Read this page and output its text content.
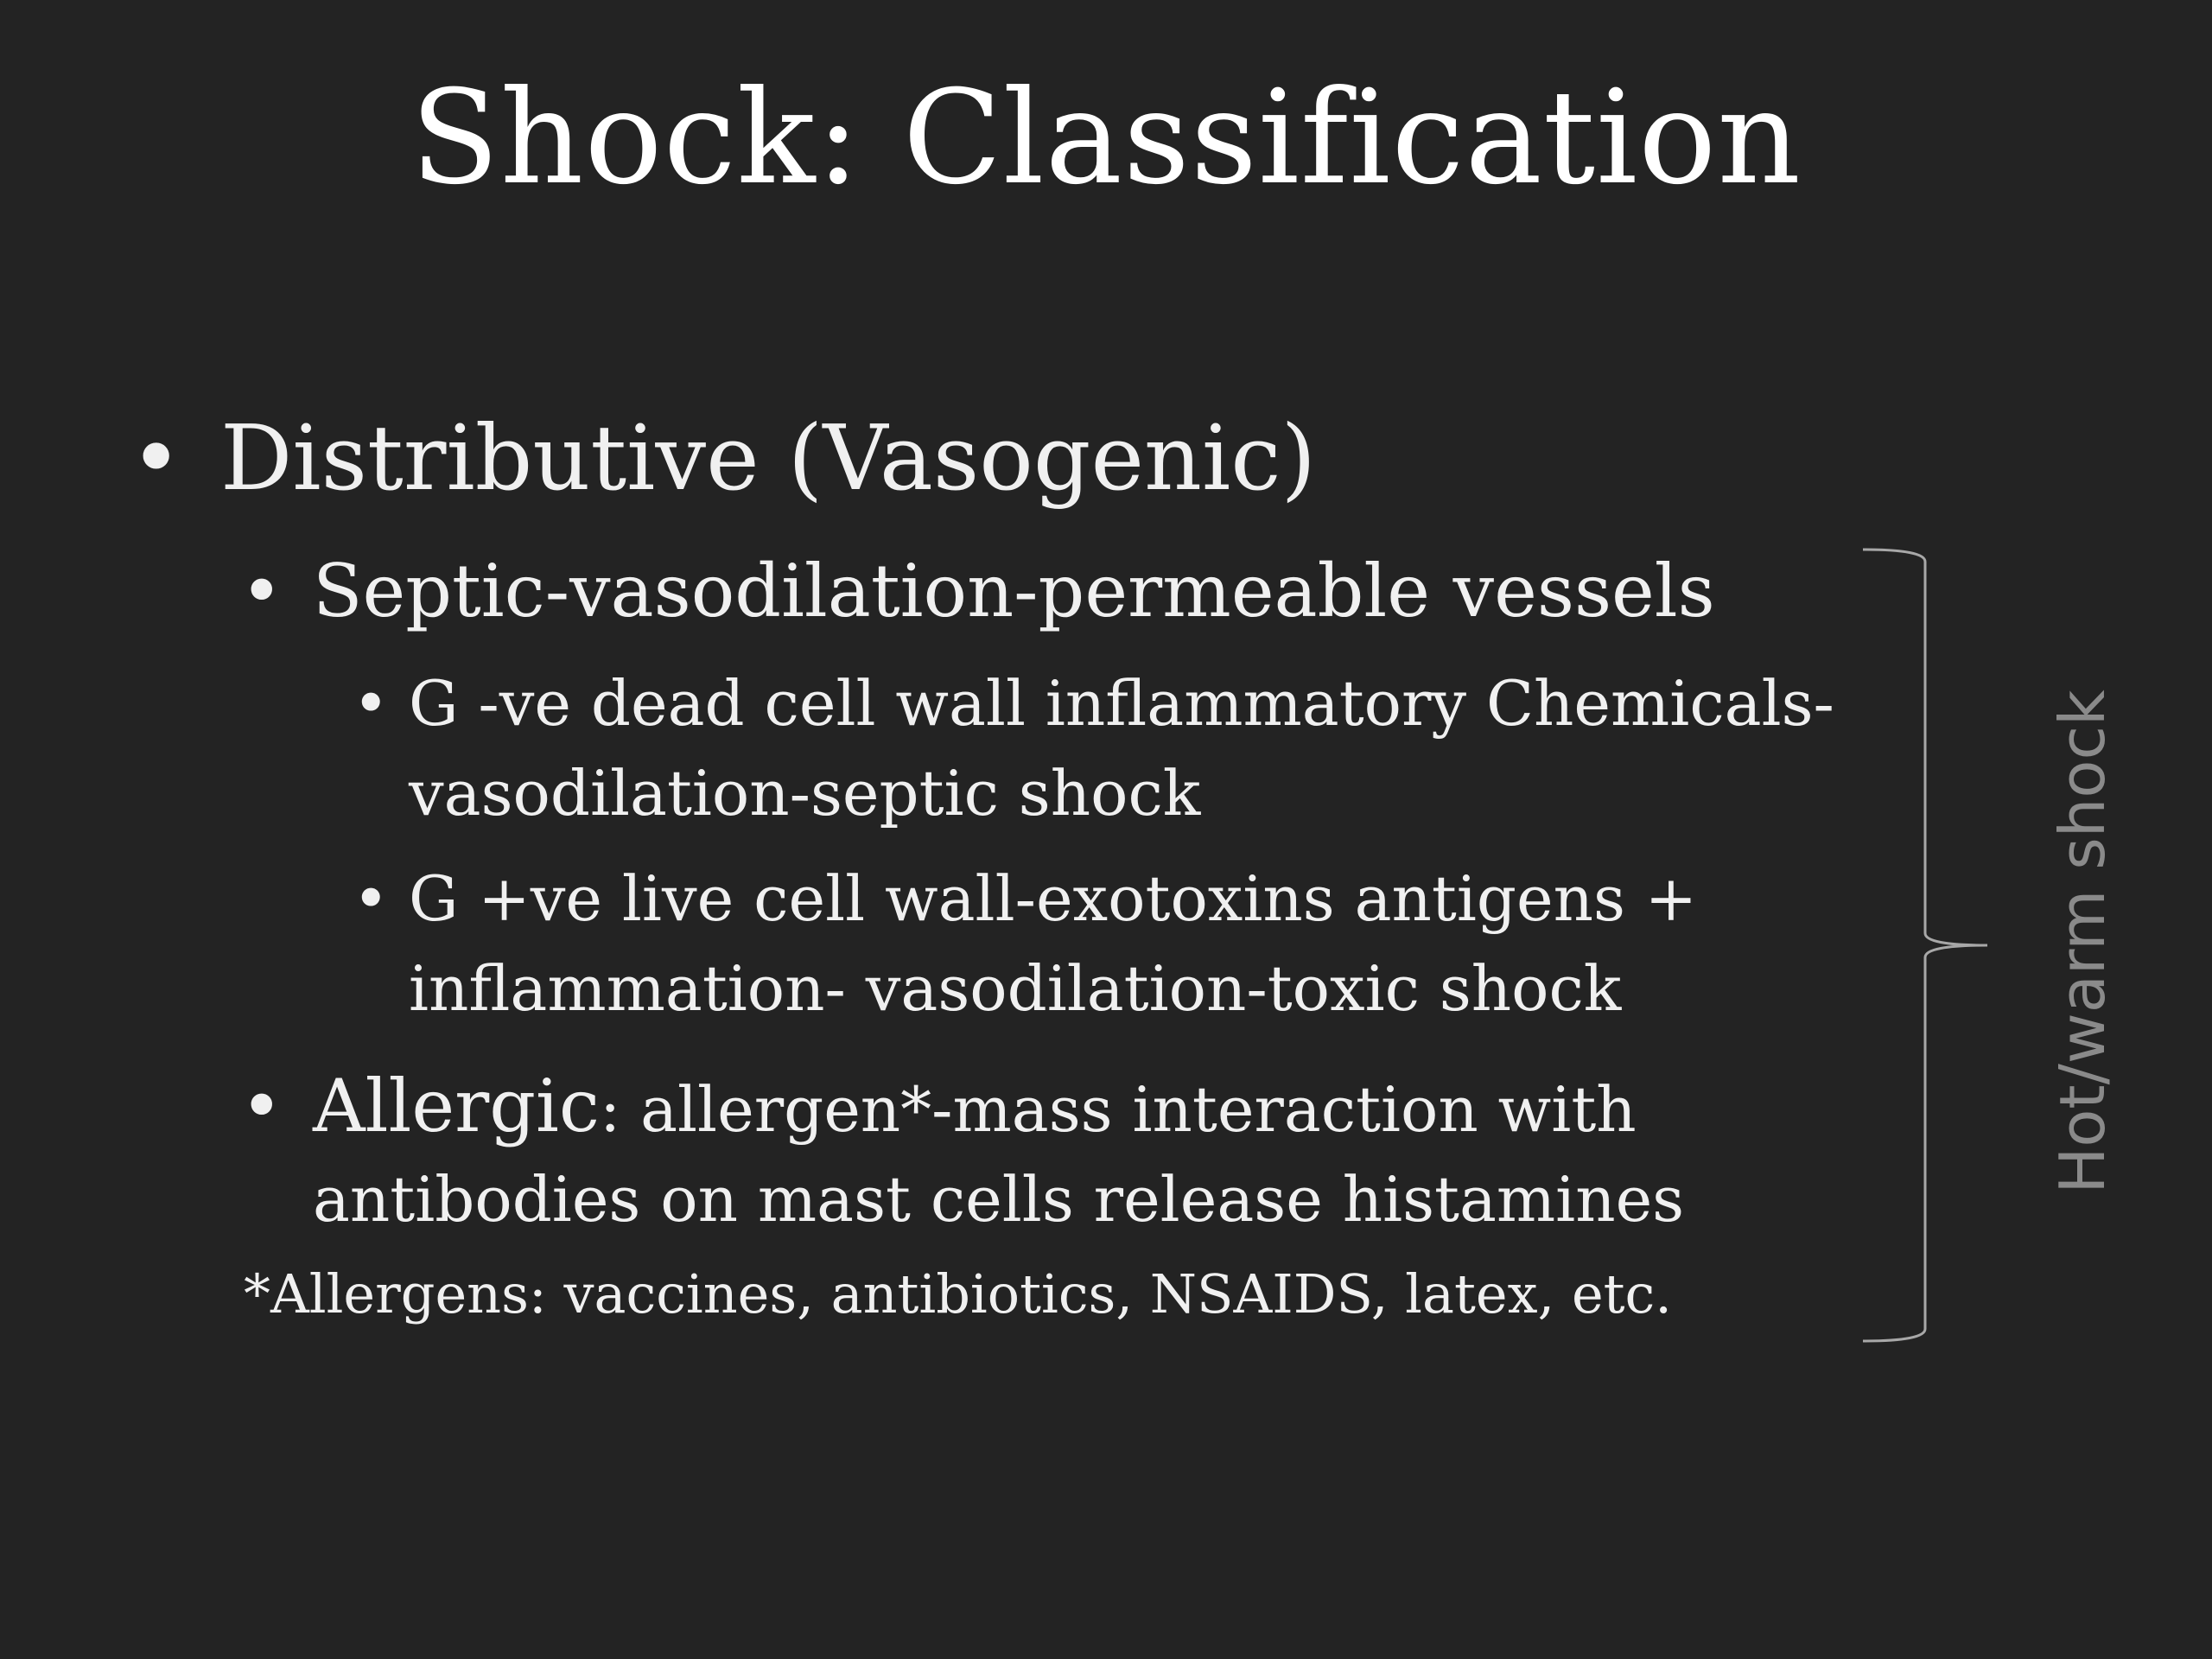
Shock: Classification
• Distributive (Vasogenic)
• Septic-vasodilation-permeable vessels
• G -ve dead cell wall inflammatory Chemicals-
vasodilation-septic shock
• G +ve live cell wall-exotoxins antigens +
inflammation- vasodilation-toxic shock
• Allergic: allergen*-mass interaction with
antibodies on mast cells release histamines
*Allergens: vaccines, antibiotics, NSAIDS, latex, etc.
Hot/warm shock
